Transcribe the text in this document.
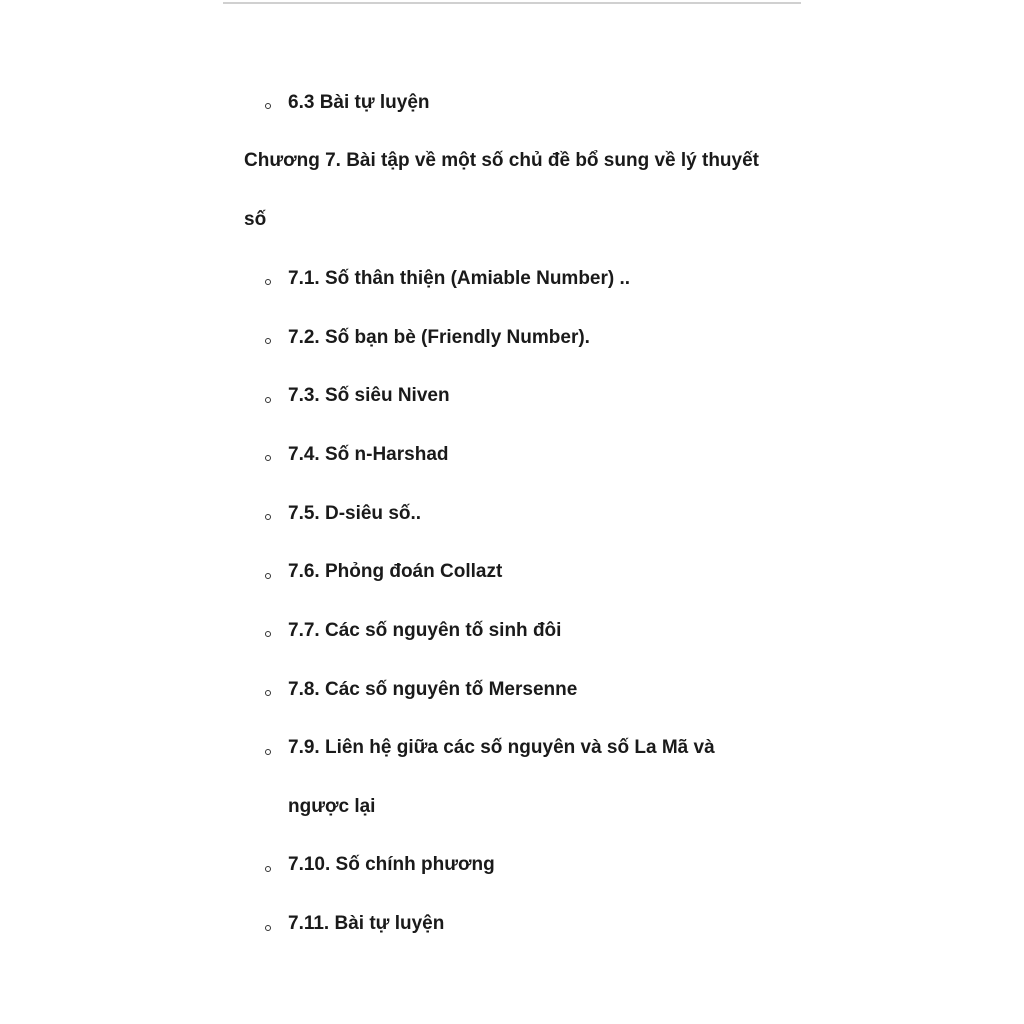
6.3 Bài tự luyện
Chương 7. Bài tập về một số chủ đề bổ sung về lý thuyết
số
7.1. Số thân thiện (Amiable Number) ..
7.2. Số bạn bè (Friendly Number).
7.3. Số siêu Niven
7.4. Số n-Harshad
7.5. D-siêu số..
7.6. Phỏng đoán Collazt
7.7. Các số nguyên tố sinh đôi
7.8. Các số nguyên tố Mersenne
7.9. Liên hệ giữa các số nguyên và số La Mã và
ngược lại
7.10. Số chính phương
7.11. Bài tự luyện
